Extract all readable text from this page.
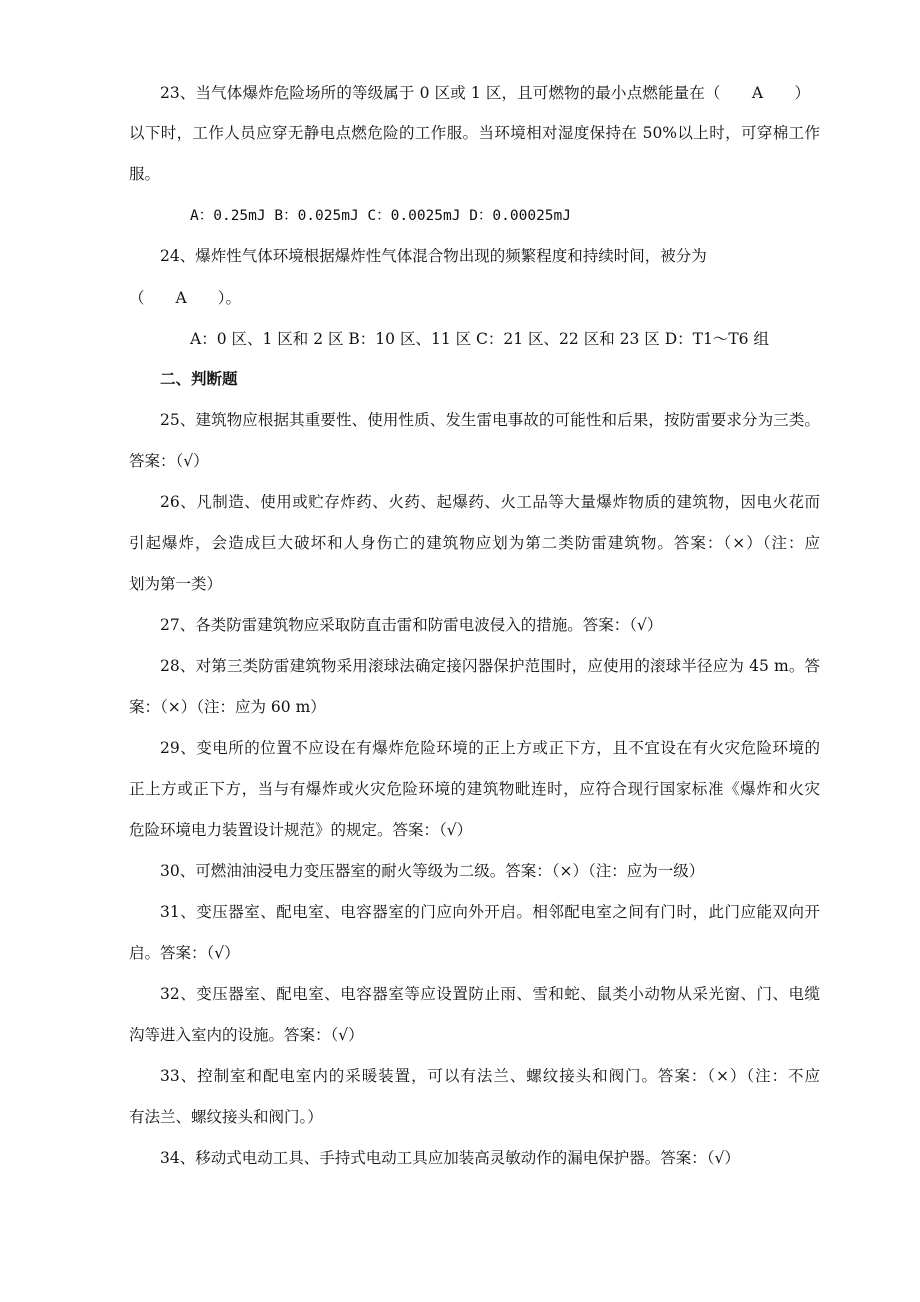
23、当气体爆炸危险场所的等级属于 0 区或 1 区，且可燃物的最小点燃能量在（　　A　　）
以下时，工作人员应穿无静电点燃危险的工作服。当环境相对湿度保持在 50%以上时，可穿棉工作
服。
A：0.25mJ B：0.025mJ C：0.0025mJ D：0.00025mJ
24、爆炸性气体环境根据爆炸性气体混合物出现的频繁程度和持续时间，被分为
（　　A　　）。
A：0 区、1 区和 2 区 B：10 区、11 区 C：21 区、22 区和 23 区 D：T1～T6 组
二、判断题
25、建筑物应根据其重要性、使用性质、发生雷电事故的可能性和后果，按防雷要求分为三类。
答案：（√）
26、凡制造、使用或贮存炸药、火药、起爆药、火工品等大量爆炸物质的建筑物，因电火花而
引起爆炸，会造成巨大破坏和人身伤亡的建筑物应划为第二类防雷建筑物。答案：（×）（注：应
划为第一类）
27、各类防雷建筑物应采取防直击雷和防雷电波侵入的措施。答案：（√）
28、对第三类防雷建筑物采用滚球法确定接闪器保护范围时，应使用的滚球半径应为 45 m。答
案：（×）（注：应为 60 m）
29、变电所的位置不应设在有爆炸危险环境的正上方或正下方，且不宜设在有火灾危险环境的
正上方或正下方，当与有爆炸或火灾危险环境的建筑物毗连时，应符合现行国家标准《爆炸和火灾
危险环境电力装置设计规范》的规定。答案：（√）
30、可燃油油浸电力变压器室的耐火等级为二级。答案：（×）（注：应为一级）
31、变压器室、配电室、电容器室的门应向外开启。相邻配电室之间有门时，此门应能双向开
启。答案：（√）
32、变压器室、配电室、电容器室等应设置防止雨、雪和蛇、鼠类小动物从采光窗、门、电缆
沟等进入室内的设施。答案：（√）
33、控制室和配电室内的采暖装置，可以有法兰、螺纹接头和阀门。答案：（×）（注：不应
有法兰、螺纹接头和阀门。）
34、移动式电动工具、手持式电动工具应加装高灵敏动作的漏电保护器。答案：（√）
